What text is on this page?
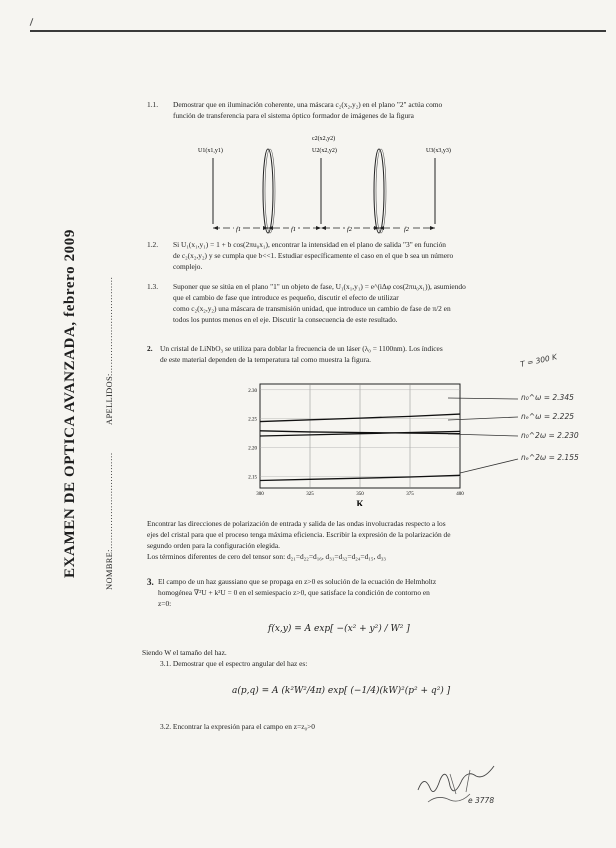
EXAMEN DE OPTICA AVANZADA, febrero 2009	NOMBRE:……………………………
APELLIDOS:……………………………
1.1. Demostrar que en iluminación coherente, una máscara c₂(x₂,y₂) en el plano "2" actúa como
función de transferencia para el sistema óptico formador de imágenes de la figura
U1(x1,y1)
c2(x2,y2)
U2(x2,y2)	U3(x3,y3)
f1	f1	f2	f2
1.2. Si U₁(x₁,y₁) = 1 + b cos(2πu₀x₁), encontrar la intensidad en el plano de salida "3" en función
de c₂(x₂,y₂) y se cumpla que b<<1. Estudiar específicamente el caso en el que b sea un número
complejo.
1.3. Suponer que se sitúa en el plano "1" un objeto de fase, U₁(x₁,y₁) = e^(iΔφ cos(2πu₀x₁)), asumiendo
que el cambio de fase que introduce es pequeño, discutir el efecto de utilizar
como c₂(x₂,y₂) una máscara de transmisión unidad, que introduce un cambio de fase de π/2 en
todos los puntos menos en el eje. Discutir la consecuencia de este resultado.
2. Un cristal de LiNbO₃ se utiliza para doblar la frecuencia de un láser (λ₀ = 1100nm). Los índices
de este material dependen de la temperatura tal como muestra la figura.
2.30
2.25
2.20
2.15
300	325	350	375	400
K
T = 300 K
n₀^ω = 2.345
nₑ^ω = 2.225
n₀^2ω = 2.230
nₑ^2ω = 2.155
Encontrar las direcciones de polarización de entrada y salida de las ondas involucradas respecto a los
ejes del cristal para que el proceso tenga máxima eficiencia. Escribir la expresión de la polarización de
segundo orden para la configuración elegida.
Los términos diferentes de cero del tensor son: d₂₁=d₂₂=d₁₆, d₃₁=d₃₂=d₂₄=d₁₅, d₃₃
3. El campo de un haz gaussiano que se propaga en z>0 es solución de la ecuación de Helmholtz
homogénea ∇²U + k²U = 0 en el semiespacio z>0, que satisface la condición de contorno en
z=0:
f(x,y) = A exp[ −(x² + y²) / W² ]
Siendo W el tamaño del haz.
3.1. Demostrar que el espectro angular del haz es:
a(p,q) = A (k²W²/4π) exp[ (−1/4)(kW)²(p² + q²) ]
3.2. Encontrar la expresión para el campo en z=z₀>0
e 3778
